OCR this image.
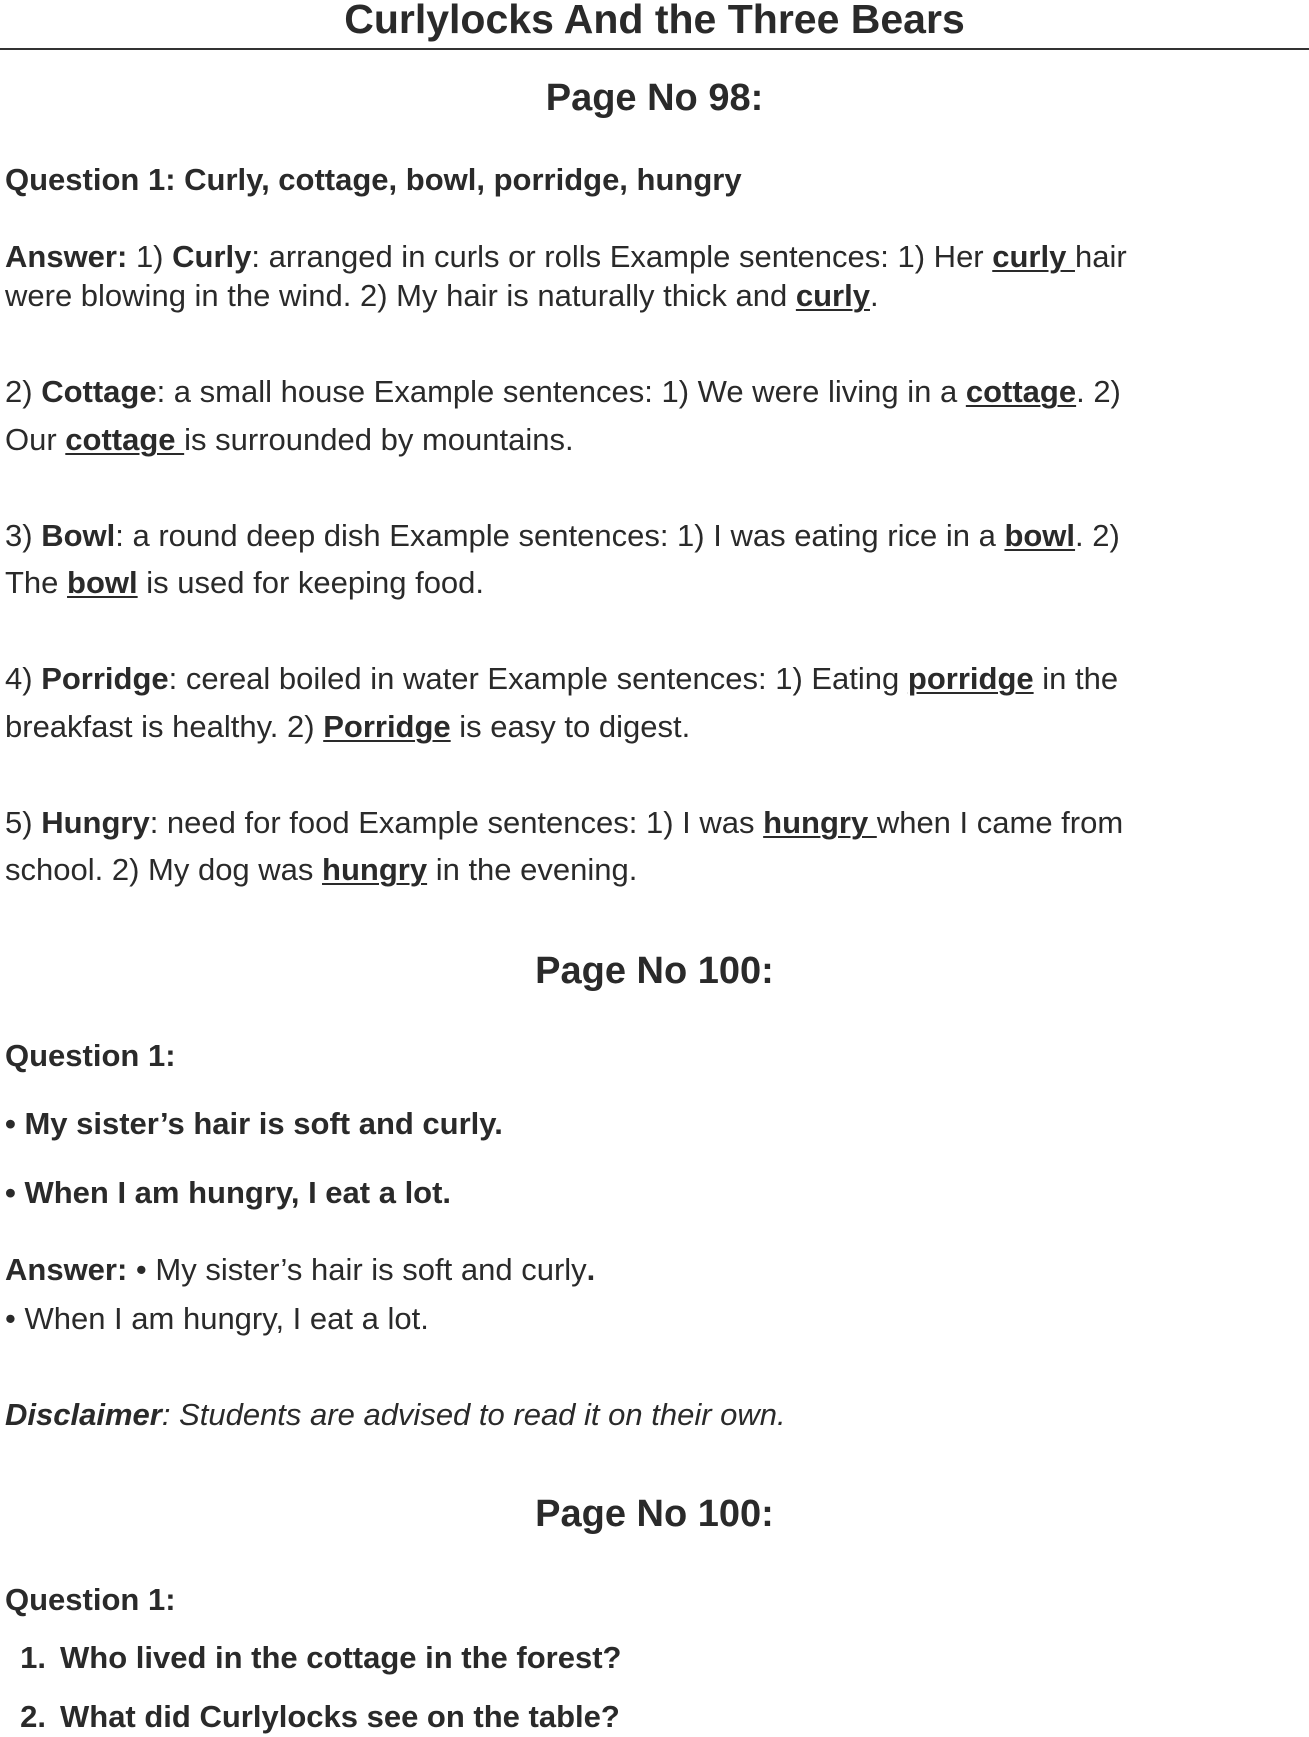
Curlylocks And the Three Bears
Page No 98:
Question 1: Curly, cottage, bowl, porridge, hungry
Answer: 1) Curly: arranged in curls or rolls Example sentences: 1) Her curly hair
were blowing in the wind. 2) My hair is naturally thick and curly.
2) Cottage: a small house Example sentences: 1) We were living in a cottage. 2)
Our cottage is surrounded by mountains.
3) Bowl: a round deep dish Example sentences: 1) I was eating rice in a bowl. 2)
The bowl is used for keeping food.
4) Porridge: cereal boiled in water Example sentences: 1) Eating porridge in the
breakfast is healthy. 2) Porridge is easy to digest.
5) Hungry: need for food Example sentences: 1) I was hungry when I came from
school. 2) My dog was hungry in the evening.
Page No 100:
Question 1:
• My sister’s hair is soft and curly.
• When I am hungry, I eat a lot.
Answer: • My sister’s hair is soft and curly.
• When I am hungry, I eat a lot.
Disclaimer: Students are advised to read it on their own.
Page No 100:
Question 1:
1. Who lived in the cottage in the forest?
2. What did Curlylocks see on the table?
